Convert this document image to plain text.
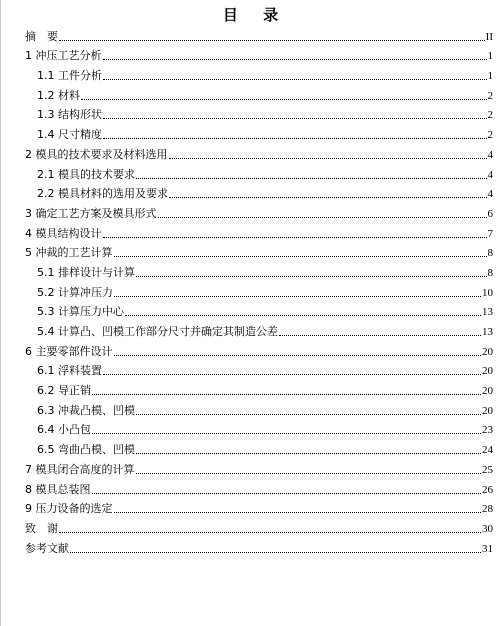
目 录
摘　要	II
1 冲压工艺分析	1
1.1 工件分析	1
1.2 材料	2
1.3 结构形状	2
1.4 尺寸精度	2
2 模具的技术要求及材料选用	4
2.1 模具的技术要求	4
2.2 模具材料的选用及要求	4
3 确定工艺方案及模具形式	6
4 模具结构设计	7
5 冲裁的工艺计算	8
5.1 排样设计与计算	8
5.2 计算冲压力	10
5.3 计算压力中心	13
5.4 计算凸、凹模工作部分尺寸并确定其制造公差	13
6 主要零部件设计	20
6.1 浮料装置	20
6.2 导正销	20
6.3 冲裁凸模、凹模	20
6.4 小凸包	23
6.5 弯曲凸模、凹模	24
7 模具闭合高度的计算	25
8 模具总装图	26
9 压力设备的选定	28
致　谢	30
参考文献	31
